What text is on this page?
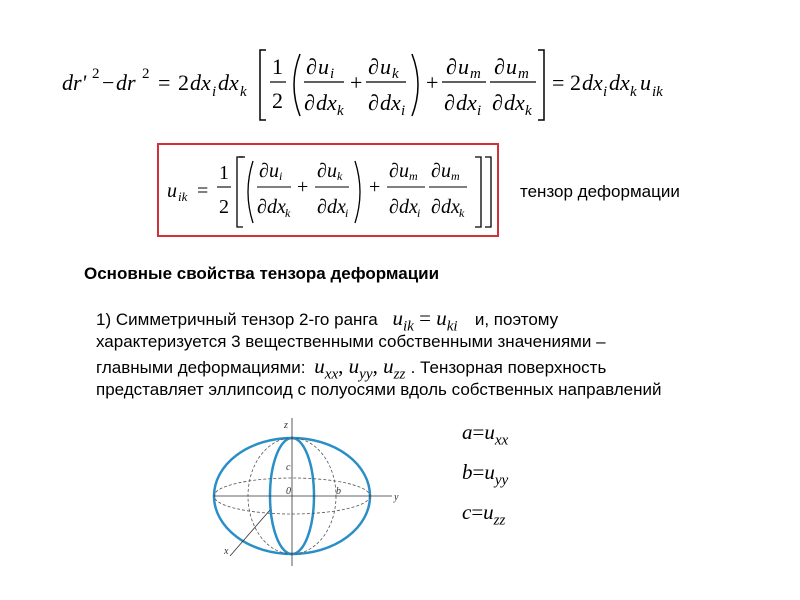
dr' 2 − dr 2 = 2 dx i dx k
1
2
∂ u i
∂ dx k
+
∂ u k
∂ dx i
+
∂ u m
∂ dx i
∂ u m
∂ dx k
= 2 dx i dx k u ik
u ik =
1
2
∂ u i
∂ dx k
+
∂ u k
∂ dx i
+
∂ u m
∂ dx i
∂ u m
∂ dx k
тензор деформации
Основные свойства тензора деформации
1) Симметричный тензор 2-го ранга $u_{ik} = u_{ki}$ и, поэтому
характеризуется 3 вещественными собственными значениями –
главными деформациями: $u_{xx}$, $u_{yy}$, $u_{zz}$ . Тензорная поверхность
представляет эллипсоид с полуосями вдоль собственных направлений
z
y
x
c
b
0
$a=u_{xx}$
$b=u_{yy}$
$c=u_{zz}$
